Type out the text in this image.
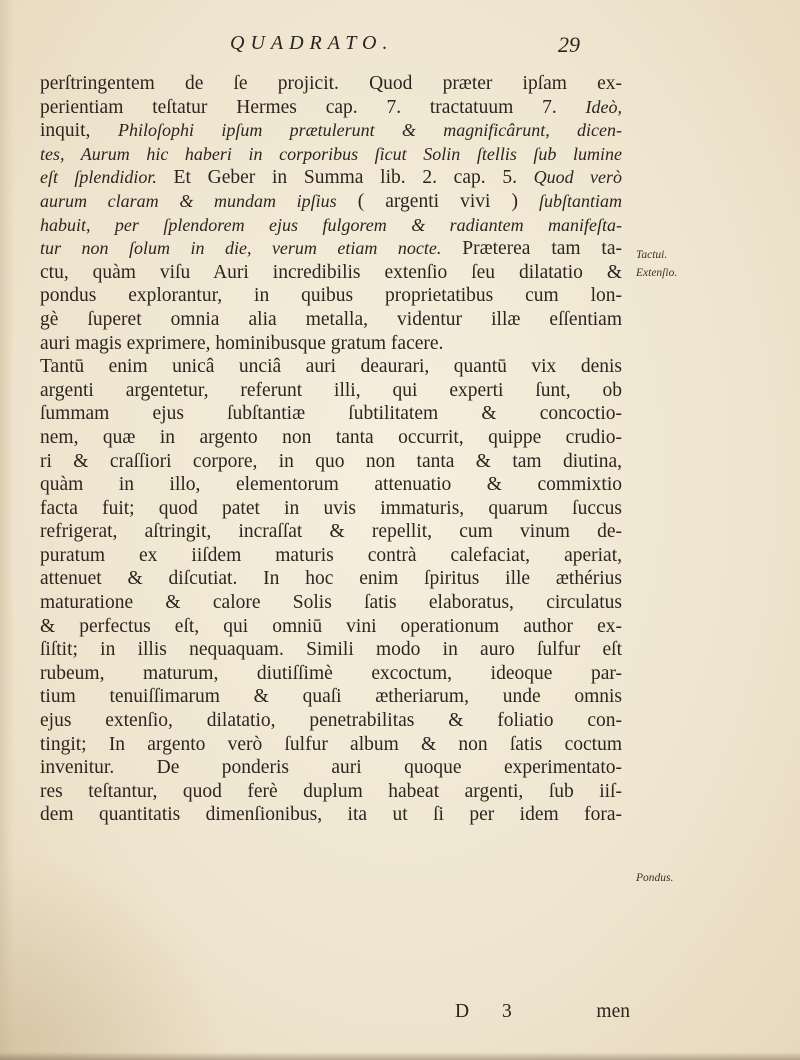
QUADRATO.	29
perſtringentem de ſe projicit. Quod præter ipſam ex-
perientiam teſtatur Hermes cap. 7. tractatuum 7. Ideò,
inquit, Philoſophi ipſum prætulerunt & magnificârunt, dicen-
tes, Aurum hic haberi in corporibus ſicut Solin ſtellis ſub lumine
eſt ſplendidior. Et Geber in Summa lib. 2. cap. 5. Quod verò
aurum claram & mundam ipſius ( argenti vivi ) ſubſtantiam
habuit, per ſplendorem ejus fulgorem & radiantem manifeſta-
tur non ſolum in die, verum etiam nocte. Præterea tam ta-
ctu, quàm viſu Auri incredibilis extenſio ſeu dilatatio &
pondus explorantur, in quibus proprietatibus cum lon-
gè ſuperet omnia alia metalla, videntur illæ eſſentiam
auri magis exprimere, hominibusque gratum facere.
Tantū enim unicâ unciâ auri deaurari, quantū vix denis
argenti argentetur, referunt illi, qui experti ſunt, ob
ſummam ejus ſubſtantiæ ſubtilitatem & concoctio-
nem, quæ in argento non tanta occurrit, quippe crudio-
ri & craſſiori corpore, in quo non tanta & tam diutina,
quàm in illo, elementorum attenuatio & commixtio
facta fuit; quod patet in uvis immaturis, quarum ſuccus
refrigerat, aſtringit, incraſſat & repellit, cum vinum de-
puratum ex iiſdem maturis contrà calefaciat, aperiat,
attenuet & diſcutiat. In hoc enim ſpiritus ille æthérius
maturatione & calore Solis ſatis elaboratus, circulatus
& perfectus eſt, qui omniū vini operationum author ex-
ſiſtit; in illis nequaquam. Simili modo in auro ſulfur eſt
rubeum, maturum, diutiſſimè excoctum, ideoque par-
tium tenuiſſimarum & quaſi ætheriarum, unde omnis
ejus extenſio, dilatatio, penetrabilitas & foliatio con-
tingit; In argento verò ſulfur album & non ſatis coctum
invenitur. De ponderis auri quoque experimentato-
res teſtantur, quod ferè duplum habeat argenti, ſub iiſ-
dem quantitatis dimenſionibus, ita ut ſi per idem fora-
Tactui.
Extenſio.
Pondus.
D 3	men
